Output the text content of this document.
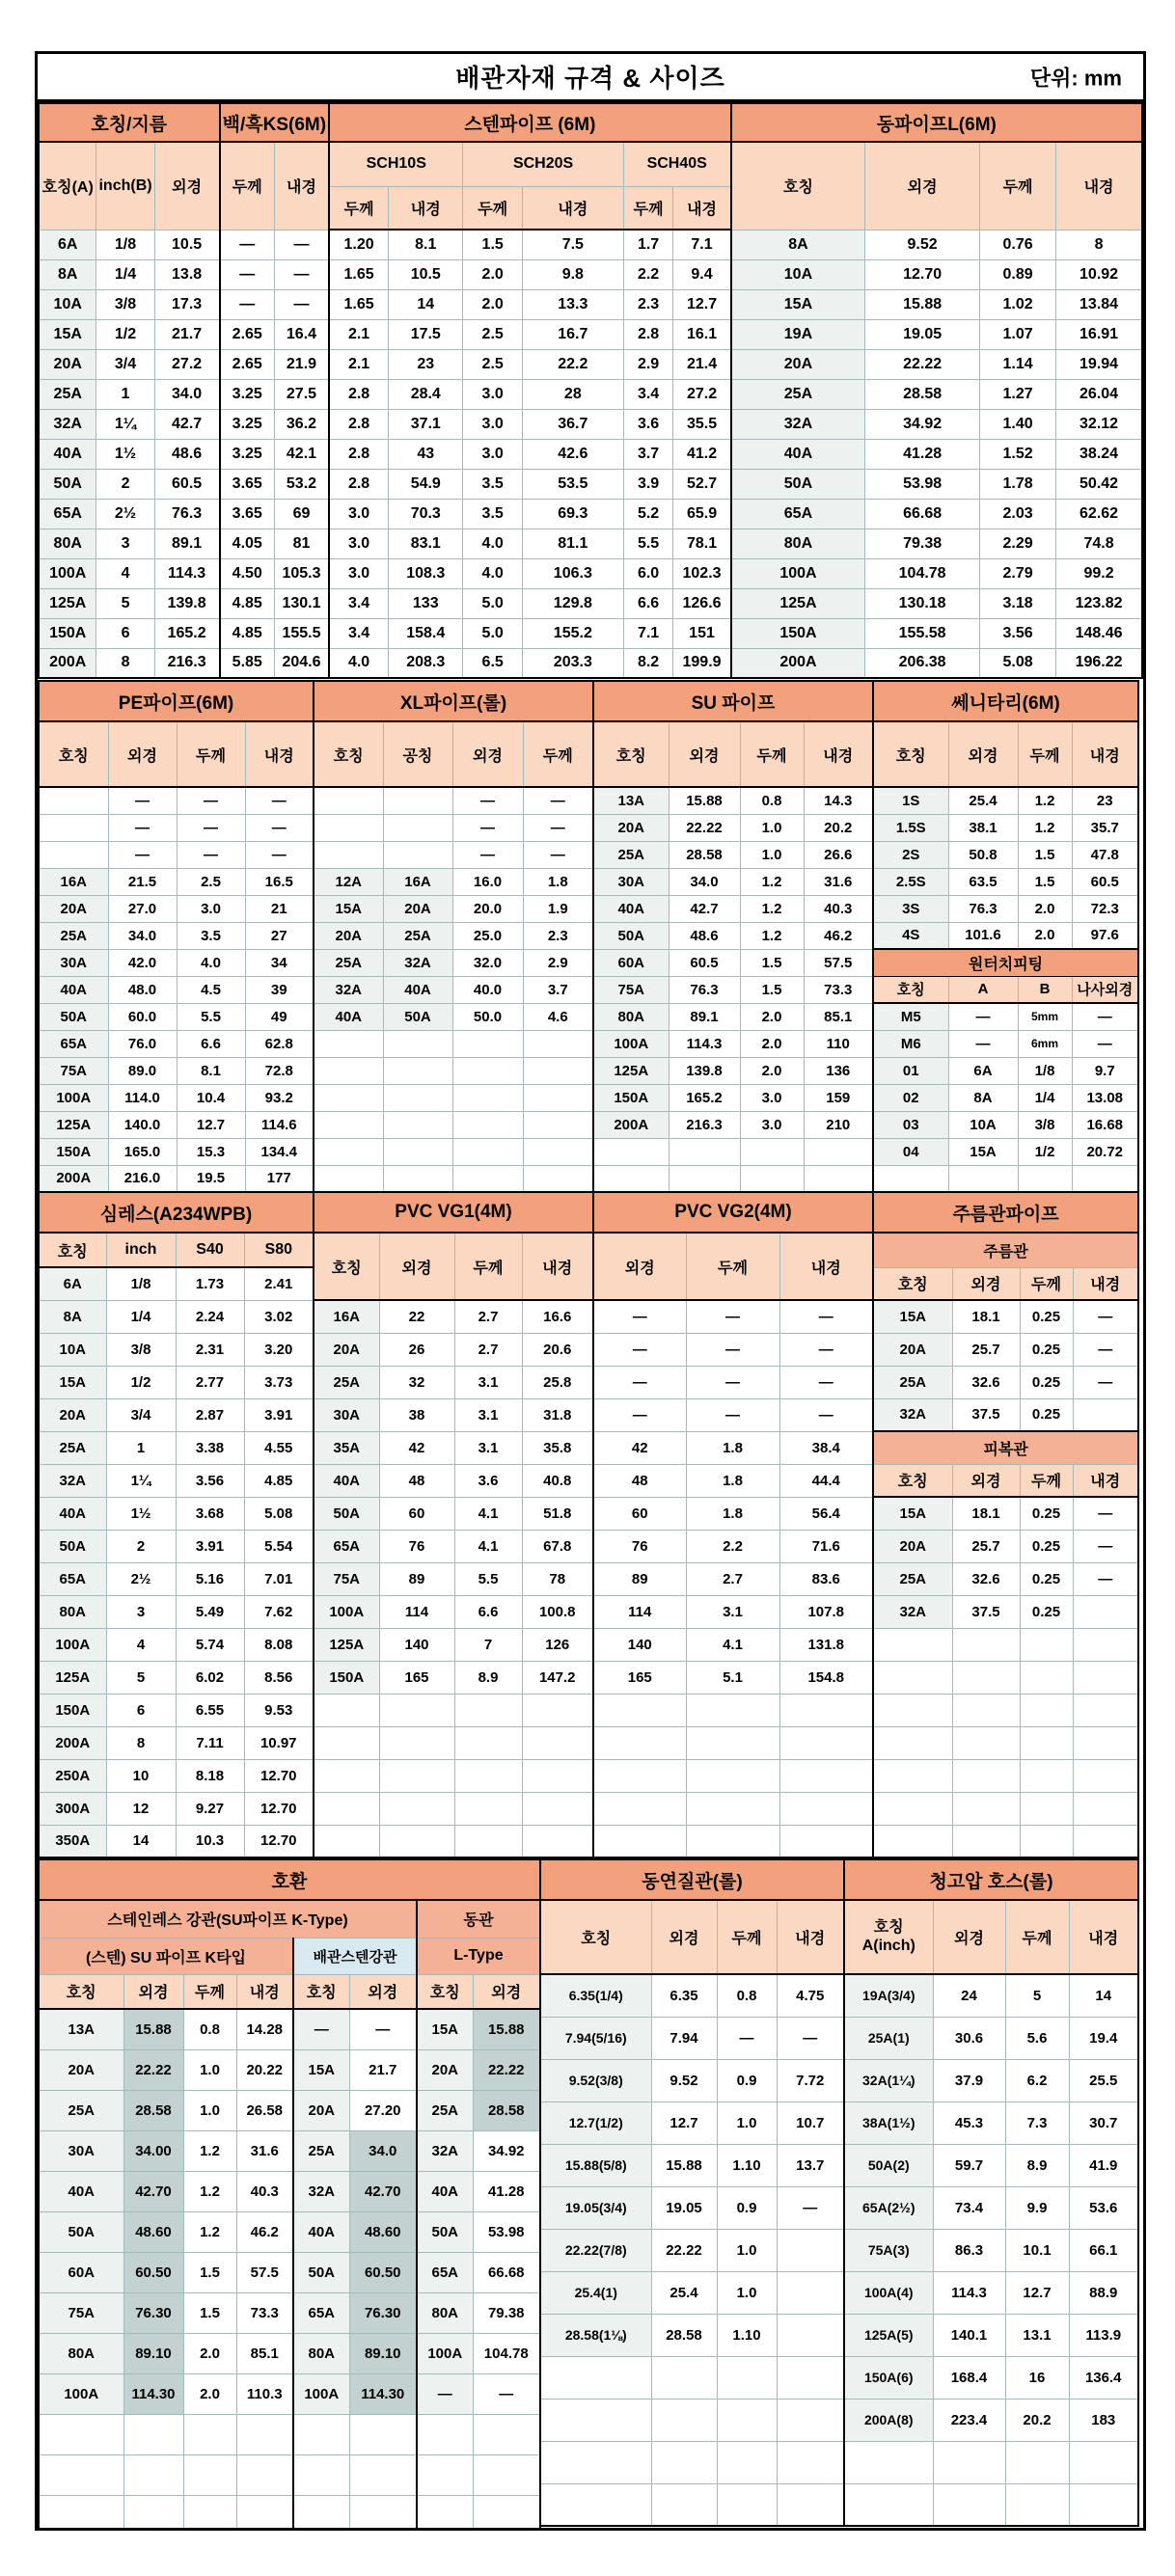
배관자재 규격 & 사이즈	단위: mm
호칭/지름			백/흑KS(6M)		스텐파이프 (6M)						동파이프L(6M)			
호칭(A)	inch(B)	외경	두께	내경	SCH10S		SCH20S		SCH40S		호칭	외경	두께	내경
					두께	내경	두께	내경	두께	내경				
6A	1/8	10.5	—	—	1.20	8.1	1.5	7.5	1.7	7.1	8A	9.52	0.76	8
8A	1/4	13.8	—	—	1.65	10.5	2.0	9.8	2.2	9.4	10A	12.70	0.89	10.92
10A	3/8	17.3	—	—	1.65	14	2.0	13.3	2.3	12.7	15A	15.88	1.02	13.84
15A	1/2	21.7	2.65	16.4	2.1	17.5	2.5	16.7	2.8	16.1	19A	19.05	1.07	16.91
20A	3/4	27.2	2.65	21.9	2.1	23	2.5	22.2	2.9	21.4	20A	22.22	1.14	19.94
25A	1	34.0	3.25	27.5	2.8	28.4	3.0	28	3.4	27.2	25A	28.58	1.27	26.04
32A	1¼	42.7	3.25	36.2	2.8	37.1	3.0	36.7	3.6	35.5	32A	34.92	1.40	32.12
40A	1½	48.6	3.25	42.1	2.8	43	3.0	42.6	3.7	41.2	40A	41.28	1.52	38.24
50A	2	60.5	3.65	53.2	2.8	54.9	3.5	53.5	3.9	52.7	50A	53.98	1.78	50.42
65A	2½	76.3	3.65	69	3.0	70.3	3.5	69.3	5.2	65.9	65A	66.68	2.03	62.62
80A	3	89.1	4.05	81	3.0	83.1	4.0	81.1	5.5	78.1	80A	79.38	2.29	74.8
100A	4	114.3	4.50	105.3	3.0	108.3	4.0	106.3	6.0	102.3	100A	104.78	2.79	99.2
125A	5	139.8	4.85	130.1	3.4	133	5.0	129.8	6.6	126.6	125A	130.18	3.18	123.82
150A	6	165.2	4.85	155.5	3.4	158.4	5.0	155.2	7.1	151	150A	155.58	3.56	148.46
200A	8	216.3	5.85	204.6	4.0	208.3	6.5	203.3	8.2	199.9	200A	206.38	5.08	196.22
PE파이프(6M)			
호칭	외경	두께	내경
	—	—	—
	—	—	—
	—	—	—
16A	21.5	2.5	16.5
20A	27.0	3.0	21
25A	34.0	3.5	27
30A	42.0	4.0	34
40A	48.0	4.5	39
50A	60.0	5.5	49
65A	76.0	6.6	62.8
75A	89.0	8.1	72.8
100A	114.0	10.4	93.2
125A	140.0	12.7	114.6
150A	165.0	15.3	134.4
200A	216.0	19.5	177
XL파이프(롤)			
호칭	공칭	외경	두께
		—	—
		—	—
		—	—
12A	16A	16.0	1.8
15A	20A	20.0	1.9
20A	25A	25.0	2.3
25A	32A	32.0	2.9
32A	40A	40.0	3.7
40A	50A	50.0	4.6

SU 파이프			
호칭	외경	두께	내경
13A	15.88	0.8	14.3
20A	22.22	1.0	20.2
25A	28.58	1.0	26.6
30A	34.0	1.2	31.6
40A	42.7	1.2	40.3
50A	48.6	1.2	46.2
60A	60.5	1.5	57.5
75A	76.3	1.5	73.3
80A	89.1	2.0	85.1
100A	114.3	2.0	110
125A	139.8	2.0	136
150A	165.2	3.0	159
200A	216.3	3.0	210

쎄니타리(6M)			
호칭	외경	두께	내경
1S	25.4	1.2	23
1.5S	38.1	1.2	35.7
2S	50.8	1.5	47.8
2.5S	63.5	1.5	60.5
3S	76.3	2.0	72.3
4S	101.6	2.0	97.6
원터치피팅			
호칭	A	B	나사외경
M5	—	5mm	—
M6	—	6mm	—
01	6A	1/8	9.7
02	8A	1/4	13.08
03	10A	3/8	16.68
04	15A	1/2	20.72

심레스(A234WPB)			
호칭	inch	S40	S80
6A	1/8	1.73	2.41
8A	1/4	2.24	3.02
10A	3/8	2.31	3.20
15A	1/2	2.77	3.73
20A	3/4	2.87	3.91
25A	1	3.38	4.55
32A	1¼	3.56	4.85
40A	1½	3.68	5.08
50A	2	3.91	5.54
65A	2½	5.16	7.01
80A	3	5.49	7.62
100A	4	5.74	8.08
125A	5	6.02	8.56
150A	6	6.55	9.53
200A	8	7.11	10.97
250A	10	8.18	12.70
300A	12	9.27	12.70
350A	14	10.3	12.70
PVC VG1(4M)			
호칭	외경	두께	내경
16A	22	2.7	16.6
20A	26	2.7	20.6
25A	32	3.1	25.8
30A	38	3.1	31.8
35A	42	3.1	35.8
40A	48	3.6	40.8
50A	60	4.1	51.8
65A	76	4.1	67.8
75A	89	5.5	78
100A	114	6.6	100.8
125A	140	7	126
150A	165	8.9	147.2

PVC VG2(4M)		
외경	두께	내경
—	—	—
—	—	—
—	—	—
—	—	—
42	1.8	38.4
48	1.8	44.4
60	1.8	56.4
76	2.2	71.6
89	2.7	83.6
114	3.1	107.8
140	4.1	131.8
165	5.1	154.8

주름관파이프			
주름관			
호칭	외경	두께	내경
15A	18.1	0.25	—
20A	25.7	0.25	—
25A	32.6	0.25	—
32A	37.5	0.25	
피복관			
호칭	외경	두께	내경
15A	18.1	0.25	—
20A	25.7	0.25	—
25A	32.6	0.25	—
32A	37.5	0.25	

호환							
스테인레스 강관(SU파이프 K-Type)						동관	
(스텐) SU 파이프 K타입				배관스텐강관		L-Type	
호칭	외경	두께	내경	호칭	외경	호칭	외경
13A	15.88	0.8	14.28	—	—	15A	15.88
20A	22.22	1.0	20.22	15A	21.7	20A	22.22
25A	28.58	1.0	26.58	20A	27.20	25A	28.58
30A	34.00	1.2	31.6	25A	34.0	32A	34.92
40A	42.70	1.2	40.3	32A	42.70	40A	41.28
50A	48.60	1.2	46.2	40A	48.60	50A	53.98
60A	60.50	1.5	57.5	50A	60.50	65A	66.68
75A	76.30	1.5	73.3	65A	76.30	80A	79.38
80A	89.10	2.0	85.1	80A	89.10	100A	104.78
100A	114.30	2.0	110.3	100A	114.30	—	—

동연질관(롤)			
호칭	외경	두께	내경
6.35(1/4)	6.35	0.8	4.75
7.94(5/16)	7.94	—	—
9.52(3/8)	9.52	0.9	7.72
12.7(1/2)	12.7	1.0	10.7
15.88(5/8)	15.88	1.10	13.7
19.05(3/4)	19.05	0.9	—
22.22(7/8)	22.22	1.0	
25.4(1)	25.4	1.0	
28.58(1⅛)	28.58	1.10	

청고압 호스(롤)			
호칭 A(inch)	외경	두께	내경
19A(3/4)	24	5	14
25A(1)	30.6	5.6	19.4
32A(1¼)	37.9	6.2	25.5
38A(1½)	45.3	7.3	30.7
50A(2)	59.7	8.9	41.9
65A(2½)	73.4	9.9	53.6
75A(3)	86.3	10.1	66.1
100A(4)	114.3	12.7	88.9
125A(5)	140.1	13.1	113.9
150A(6)	168.4	16	136.4
200A(8)	223.4	20.2	183
